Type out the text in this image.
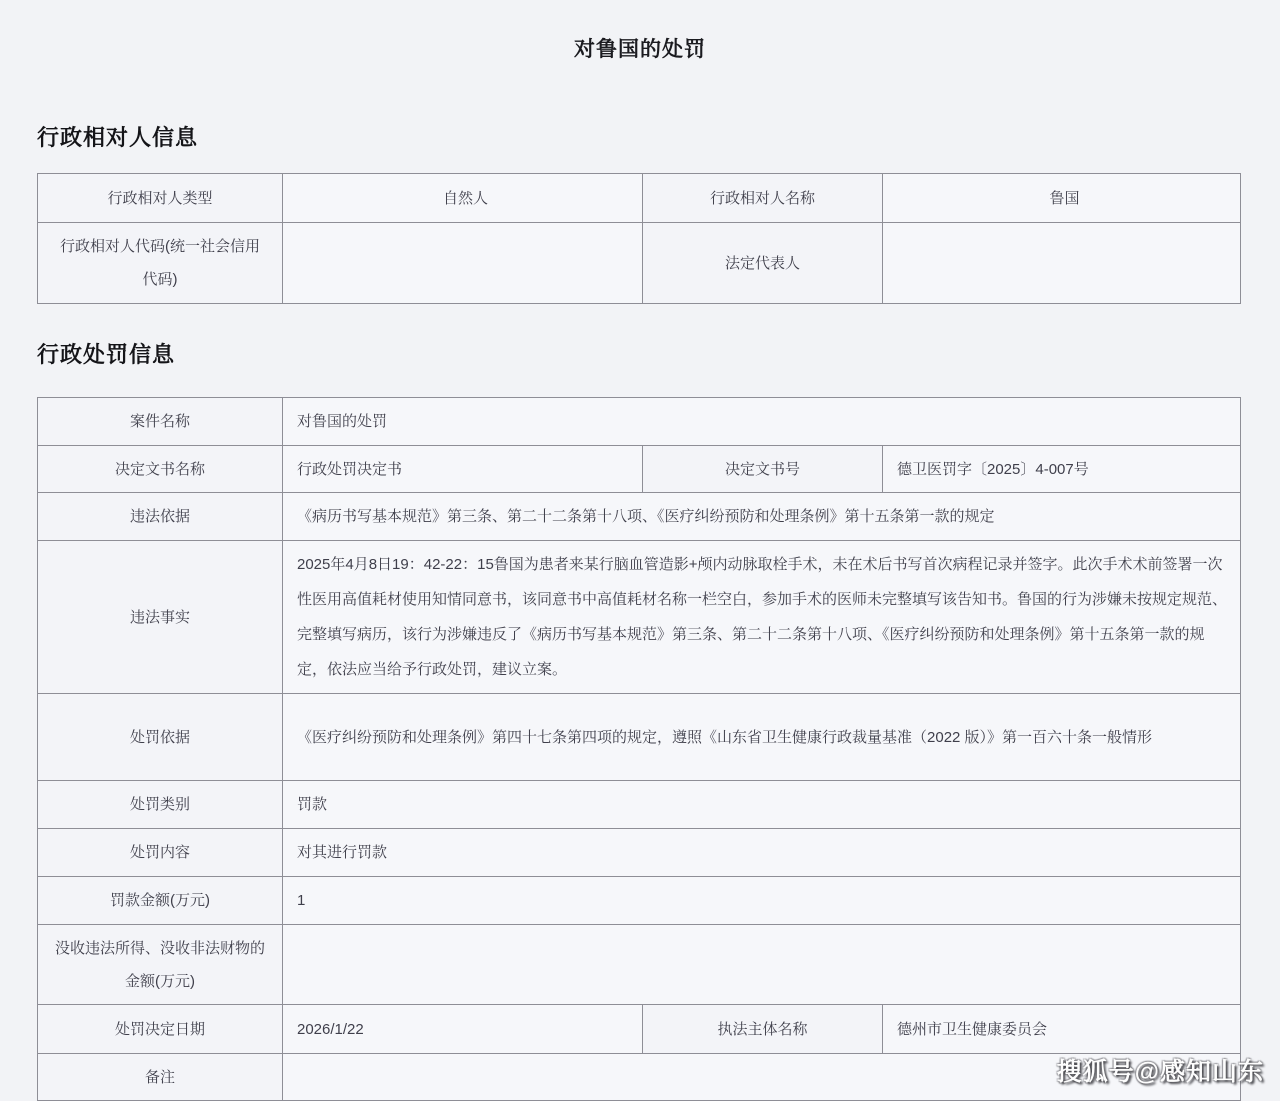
对鲁国的处罚
行政相对人信息
行政相对人类型	自然人	行政相对人名称	鲁国
行政相对人代码(统一社会信用代码)		法定代表人	
行政处罚信息
案件名称	对鲁国的处罚		
决定文书名称	行政处罚决定书	决定文书号	德卫医罚字〔2025〕4-007号
违法依据	《病历书写基本规范》第三条、第二十二条第十八项、《医疗纠纷预防和处理条例》第十五条第一款的规定		
违法事实	2025年4月8日19：42-22：15鲁国为患者来某行脑血管造影+颅内动脉取栓手术，未在术后书写首次病程记录并签字。此次手术术前签署一次性医用高值耗材使用知情同意书，该同意书中高值耗材名称一栏空白，参加手术的医师未完整填写该告知书。鲁国的行为涉嫌未按规定规范、完整填写病历，该行为涉嫌违反了《病历书写基本规范》第三条、第二十二条第十八项、《医疗纠纷预防和处理条例》第十五条第一款的规定，依法应当给予行政处罚，建议立案。		
处罚依据	《医疗纠纷预防和处理条例》第四十七条第四项的规定，遵照《山东省卫生健康行政裁量基准（2022 版）》第一百六十条一般情形		
处罚类别	罚款		
处罚内容	对其进行罚款		
罚款金额(万元)	1		
没收违法所得、没收非法财物的金额(万元)			
处罚决定日期	2026/1/22	执法主体名称	德州市卫生健康委员会
备注				搜狐号@感知山东
